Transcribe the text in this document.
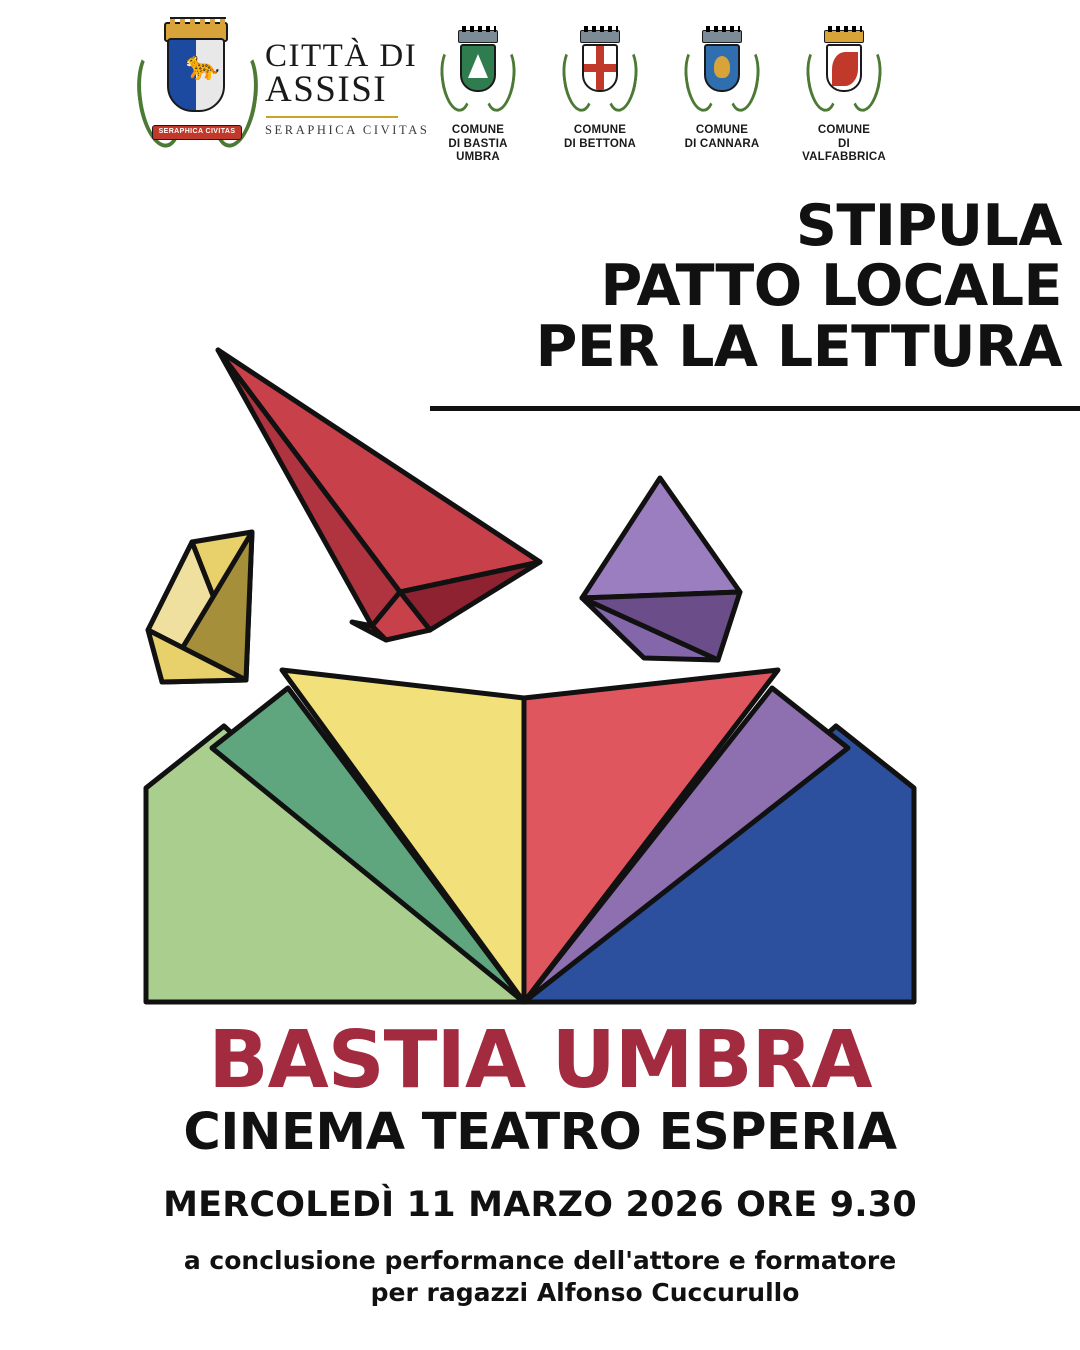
🐆
SERAPHICA CIVITAS
CITTÀ DI
ASSISI
SERAPHICA CIVITAS	COMUNE
DI BASTIA UMBRA
COMUNE
DI BETTONA
COMUNE
DI CANNARA
COMUNE
DI VALFABBRICA
STIPULA
PATTO LOCALE
PER LA LETTURA
BASTIA UMBRA
CINEMA TEATRO ESPERIA
MERCOLEDÌ 11 MARZO 2026 ORE 9.30
a conclusione performance dell'attore e formatore
per ragazzi Alfonso Cuccurullo
